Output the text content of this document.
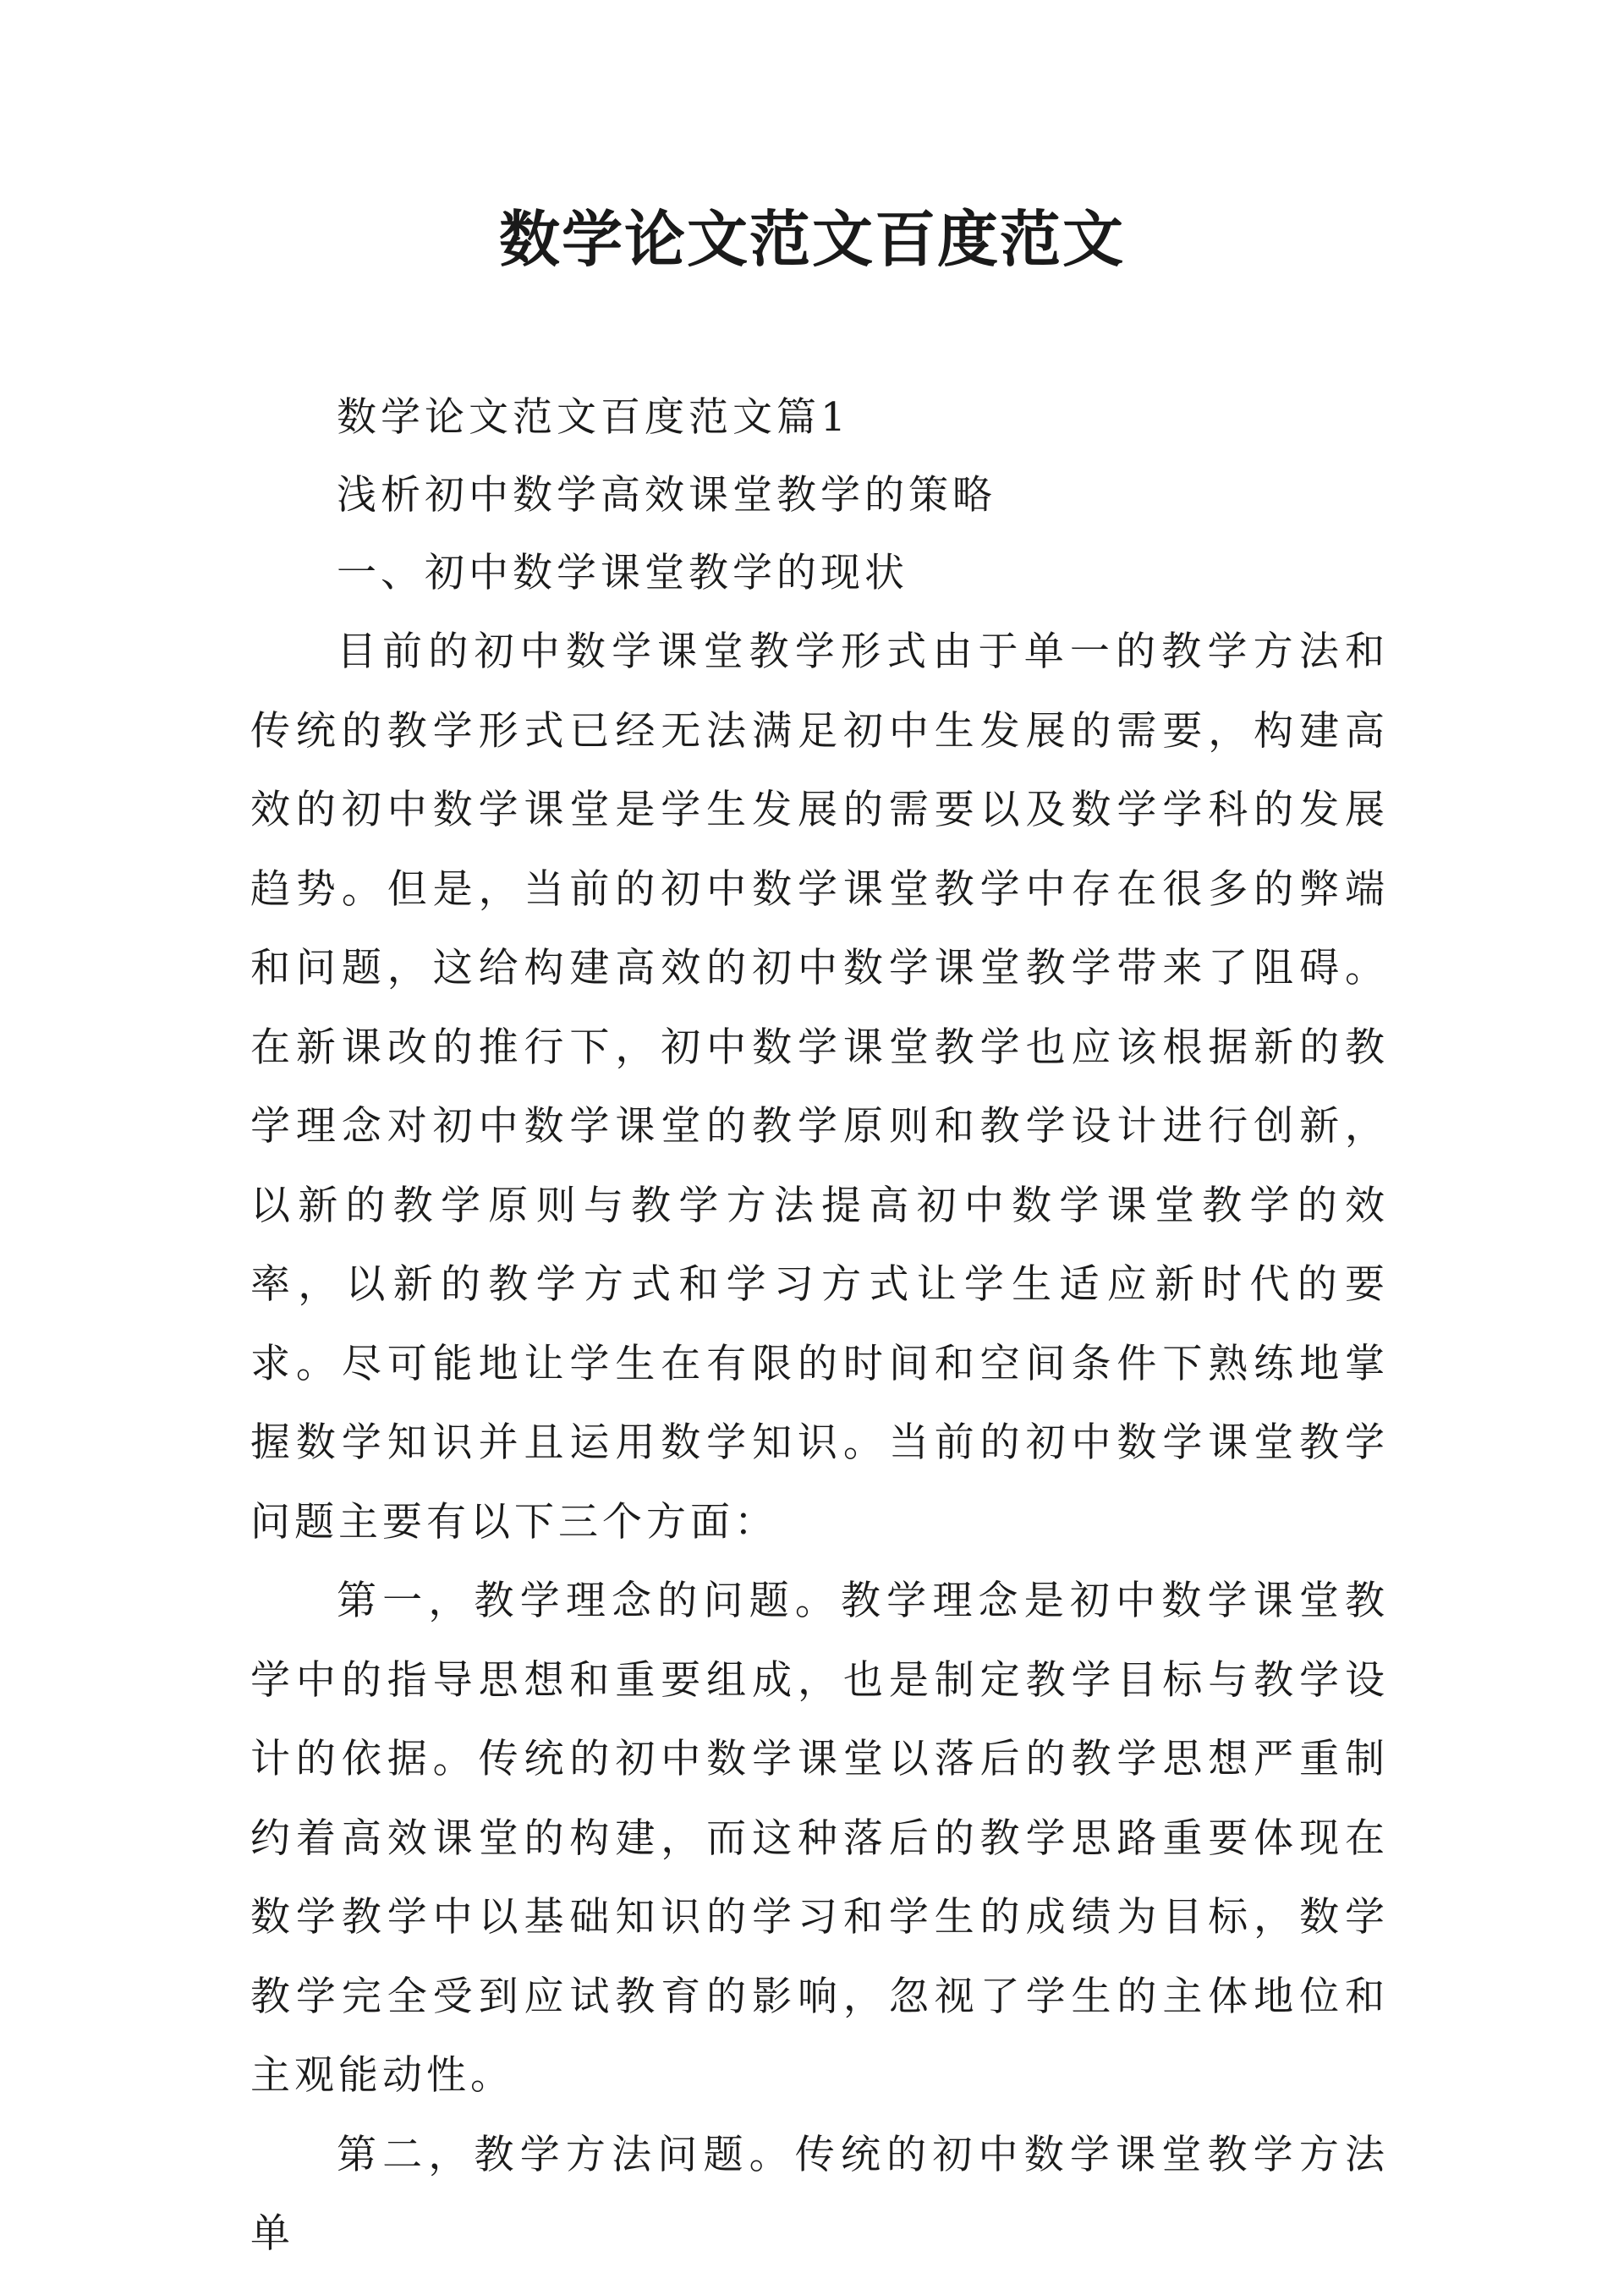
数学论文范文百度范文
数学论文范文百度范文篇1
浅析初中数学高效课堂教学的策略
一、初中数学课堂教学的现状

目前的初中数学课堂教学形式由于单一的教学方法和传统的教学形式已经无法满足初中生发展的需要，构建高效的初中数学课堂是学生发展的需要以及数学学科的发展趋势。但是，当前的初中数学课堂教学中存在很多的弊端和问题，这给构建高效的初中数学课堂教学带来了阻碍。在新课改的推行下，初中数学课堂教学也应该根据新的教学理念对初中数学课堂的教学原则和教学设计进行创新，以新的教学原则与教学方法提高初中数学课堂教学的效率，以新的教学方式和学习方式让学生适应新时代的要求。尽可能地让学生在有限的时间和空间条件下熟练地掌握数学知识并且运用数学知识。当前的初中数学课堂教学问题主要有以下三个方面：

第一，教学理念的问题。教学理念是初中数学课堂教学中的指导思想和重要组成，也是制定教学目标与教学设计的依据。传统的初中数学课堂以落后的教学思想严重制约着高效课堂的构建，而这种落后的教学思路重要体现在数学教学中以基础知识的学习和学生的成绩为目标，数学教学完全受到应试教育的影响，忽视了学生的主体地位和主观能动性。

第二，教学方法问题。传统的初中数学课堂教学方法单
